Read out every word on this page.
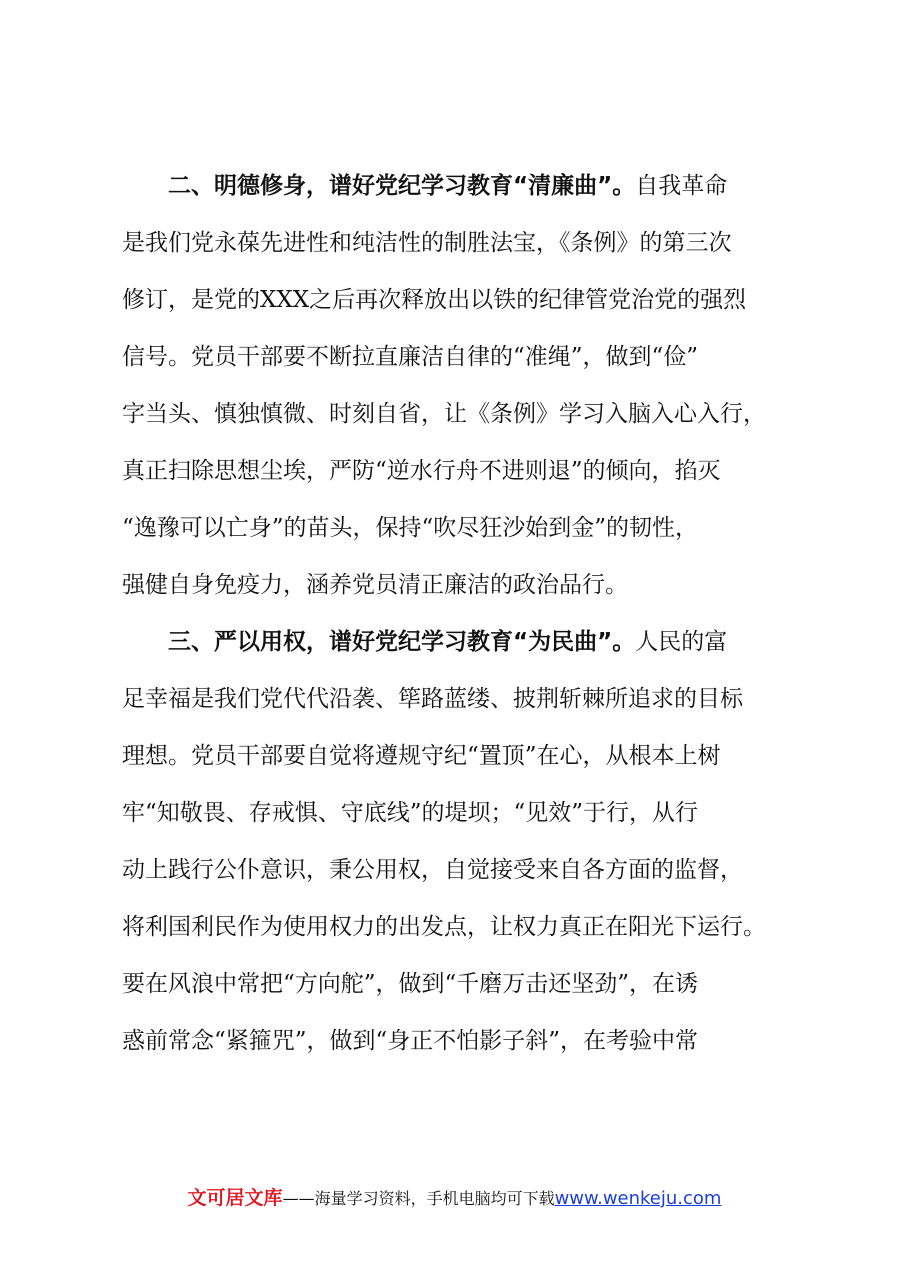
二、明德修身，谱好党纪学习教育“清廉曲”。自我革命
是我们党永葆先进性和纯洁性的制胜法宝，《条例》的第三次
修订，是党的XXX之后再次释放出以铁的纪律管党治党的强烈
信号。党员干部要不断拉直廉洁自律的“准绳”，做到“俭”
字当头、慎独慎微、时刻自省，让《条例》学习入脑入心入行，
真正扫除思想尘埃，严防“逆水行舟不进则退”的倾向，掐灭
“逸豫可以亡身”的苗头，保持“吹尽狂沙始到金”的韧性，
强健自身免疫力，涵养党员清正廉洁的政治品行。
三、严以用权，谱好党纪学习教育“为民曲”。人民的富
足幸福是我们党代代沿袭、筚路蓝缕、披荆斩棘所追求的目标
理想。党员干部要自觉将遵规守纪“置顶”在心，从根本上树
牢“知敬畏、存戒惧、守底线”的堤坝；“见效”于行，从行
动上践行公仆意识，秉公用权，自觉接受来自各方面的监督，
将利国利民作为使用权力的出发点，让权力真正在阳光下运行。
要在风浪中常把“方向舵”，做到“千磨万击还坚劲”，在诱
惑前常念“紧箍咒”，做到“身正不怕影子斜”，在考验中常
文可居文库——海量学习资料，手机电脑均可下载www.wenkeju.com
